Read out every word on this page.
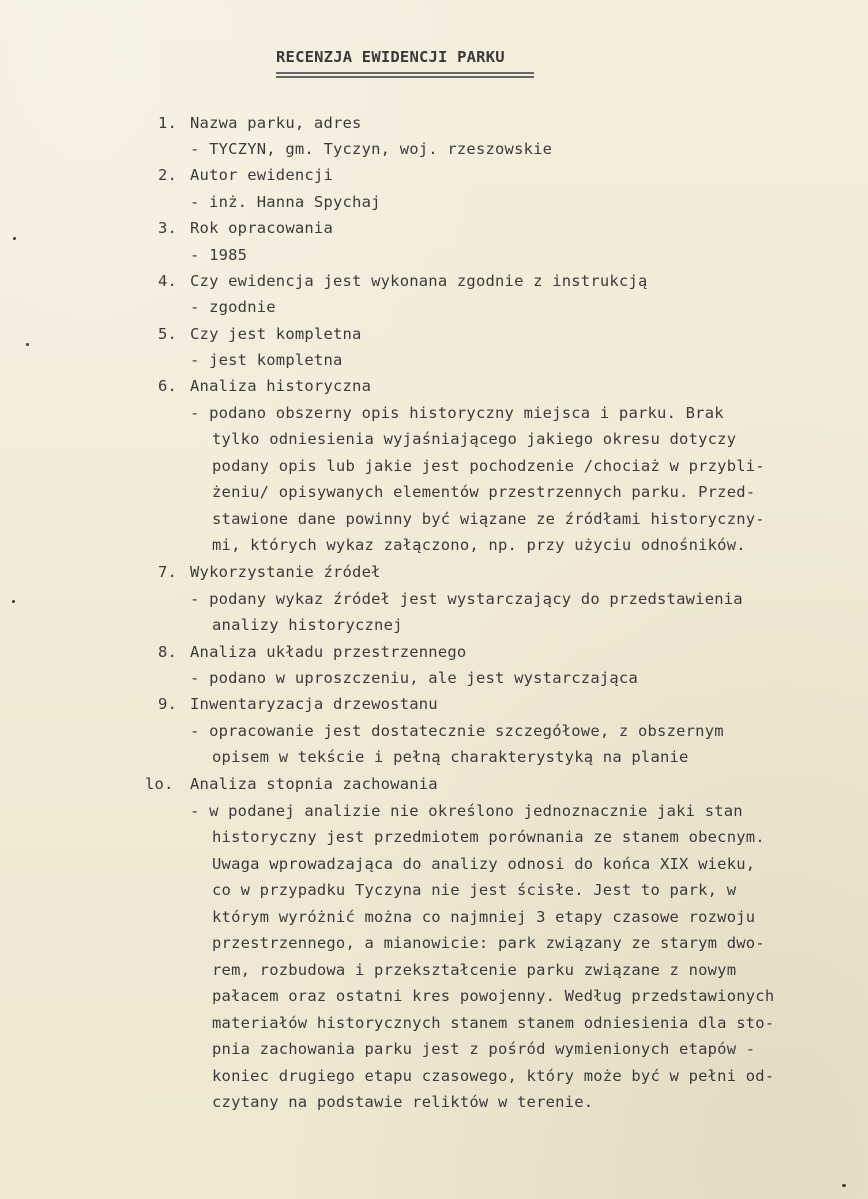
RECENZJA EWIDENCJI PARKU
1. Nazwa parku, adres
- TYCZYN, gm. Tyczyn, woj. rzeszowskie
2. Autor ewidencji
- inż. Hanna Spychaj
3. Rok opracowania
- 1985
4. Czy ewidencja jest wykonana zgodnie z instrukcją
- zgodnie
5. Czy jest kompletna
- jest kompletna
6. Analiza historyczna
- podano obszerny opis historyczny miejsca i parku. Brak
tylko odniesienia wyjaśniającego jakiego okresu dotyczy
podany opis lub jakie jest pochodzenie /chociaż w przybli-
żeniu/ opisywanych elementów przestrzennych parku. Przed-
stawione dane powinny być wiązane ze źródłami historyczny-
mi, których wykaz załączono, np. przy użyciu odnośników.
7. Wykorzystanie źródeł
- podany wykaz źródeł jest wystarczający do przedstawienia
analizy historycznej
8. Analiza układu przestrzennego
- podano w uproszczeniu, ale jest wystarczająca
9. Inwentaryzacja drzewostanu
- opracowanie jest dostatecznie szczegółowe, z obszernym
opisem w tekście i pełną charakterystyką na planie
lo. Analiza stopnia zachowania
- w podanej analizie nie określono jednoznacznie jaki stan
historyczny jest przedmiotem porównania ze stanem obecnym.
Uwaga wprowadzająca do analizy odnosi do końca XIX wieku,
co w przypadku Tyczyna nie jest ścisłe. Jest to park, w
którym wyróżnić można co najmniej 3 etapy czasowe rozwoju
przestrzennego, a mianowicie: park związany ze starym dwo-
rem, rozbudowa i przekształcenie parku związane z nowym
pałacem oraz ostatni kres powojenny. Według przedstawionych
materiałów historycznych stanem stanem odniesienia dla sto-
pnia zachowania parku jest z pośród wymienionych etapów -
koniec drugiego etapu czasowego, który może być w pełni od-
czytany na podstawie reliktów w terenie.
